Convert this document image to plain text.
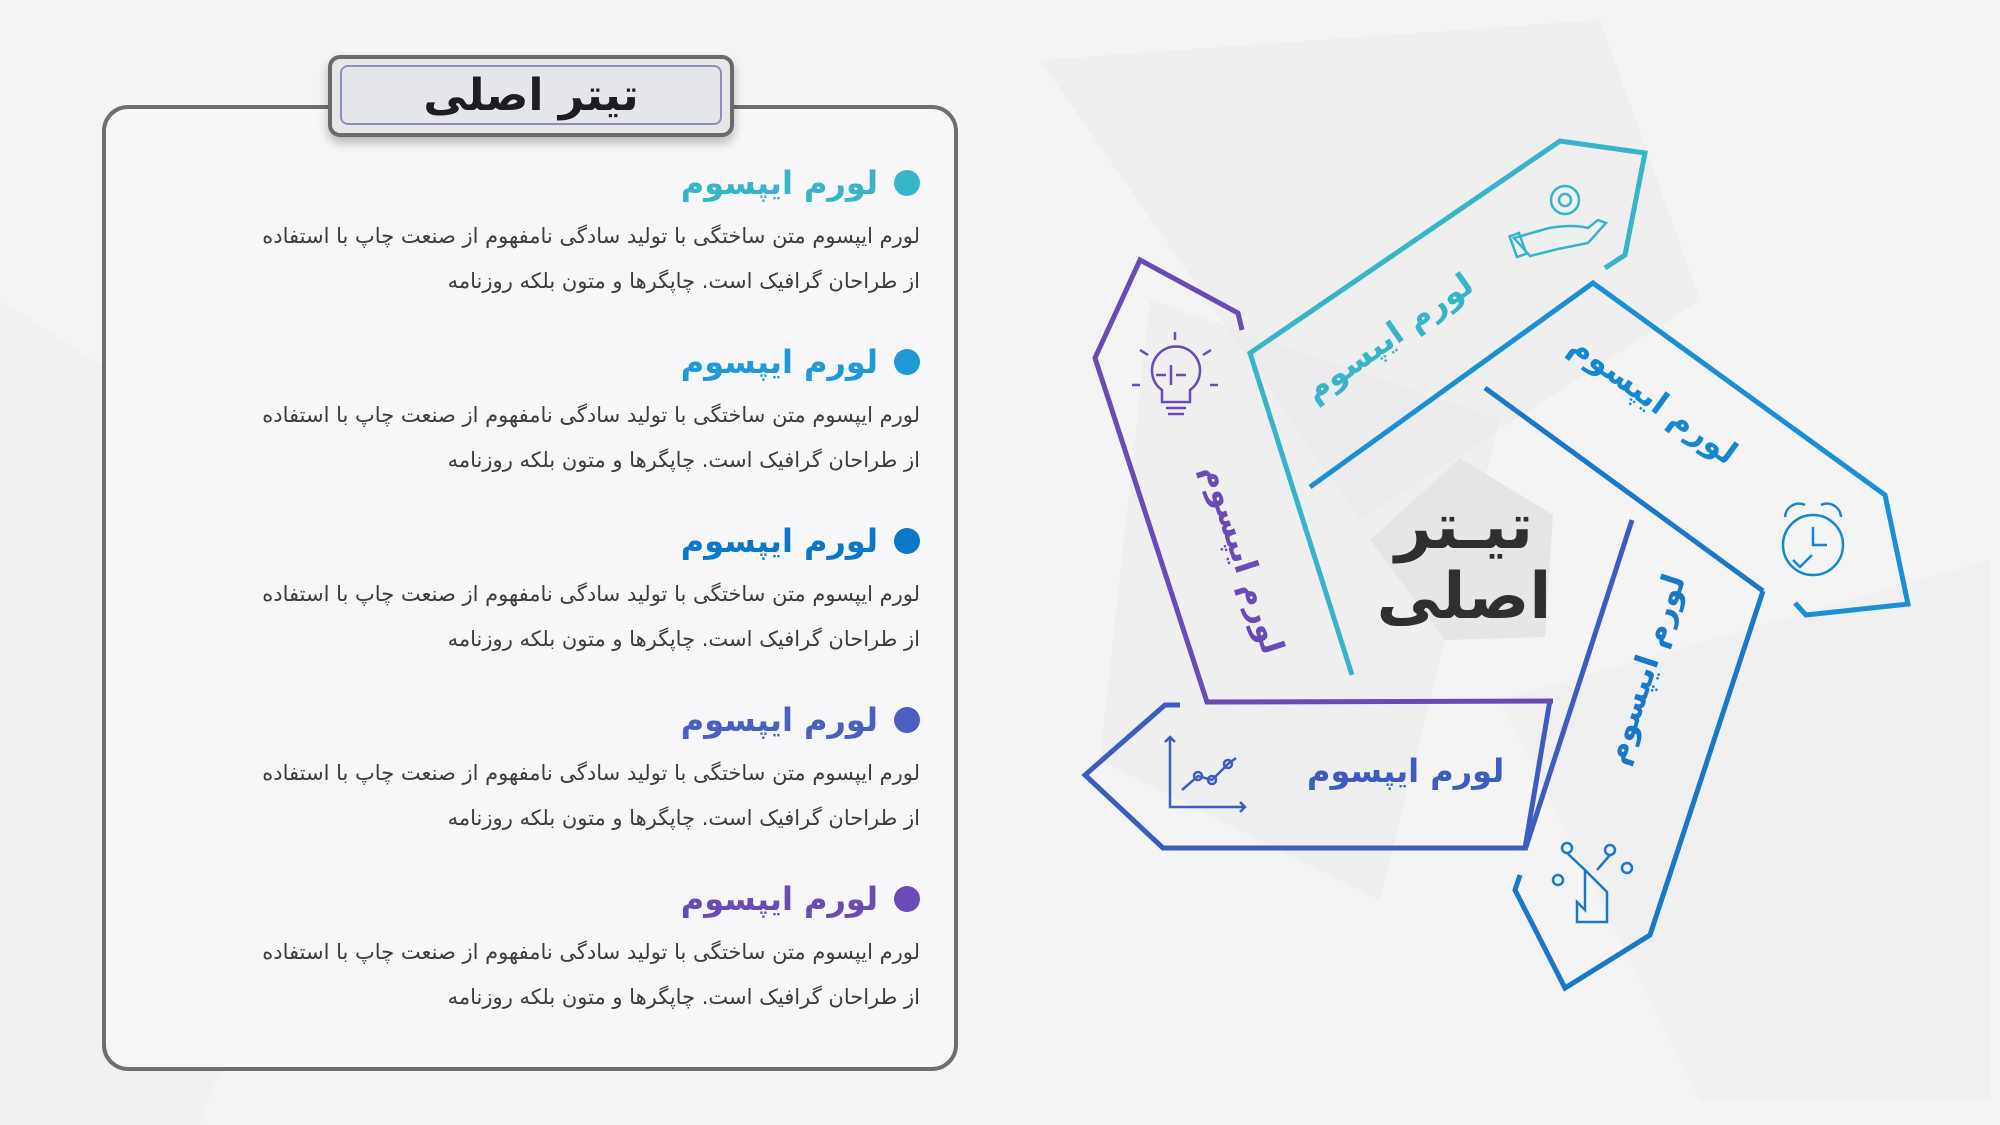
تیتر اصلی
لورم ایپسوم
لورم ایپسوم متن ساختگی با تولید سادگی نامفهوم از صنعت چاپ با استفاده
از طراحان گرافیک است. چاپگرها و متون بلکه روزنامه
لورم ایپسوم
لورم ایپسوم متن ساختگی با تولید سادگی نامفهوم از صنعت چاپ با استفاده
از طراحان گرافیک است. چاپگرها و متون بلکه روزنامه
لورم ایپسوم
لورم ایپسوم متن ساختگی با تولید سادگی نامفهوم از صنعت چاپ با استفاده
از طراحان گرافیک است. چاپگرها و متون بلکه روزنامه
لورم ایپسوم
لورم ایپسوم متن ساختگی با تولید سادگی نامفهوم از صنعت چاپ با استفاده
از طراحان گرافیک است. چاپگرها و متون بلکه روزنامه
لورم ایپسوم
لورم ایپسوم متن ساختگی با تولید سادگی نامفهوم از صنعت چاپ با استفاده
از طراحان گرافیک است. چاپگرها و متون بلکه روزنامه
تیـتر
اصلی
لورم ایپسوم	لورم ایپسوم
لورم ایپسوم
لورم ایپسوم
لورم ایپسوم
